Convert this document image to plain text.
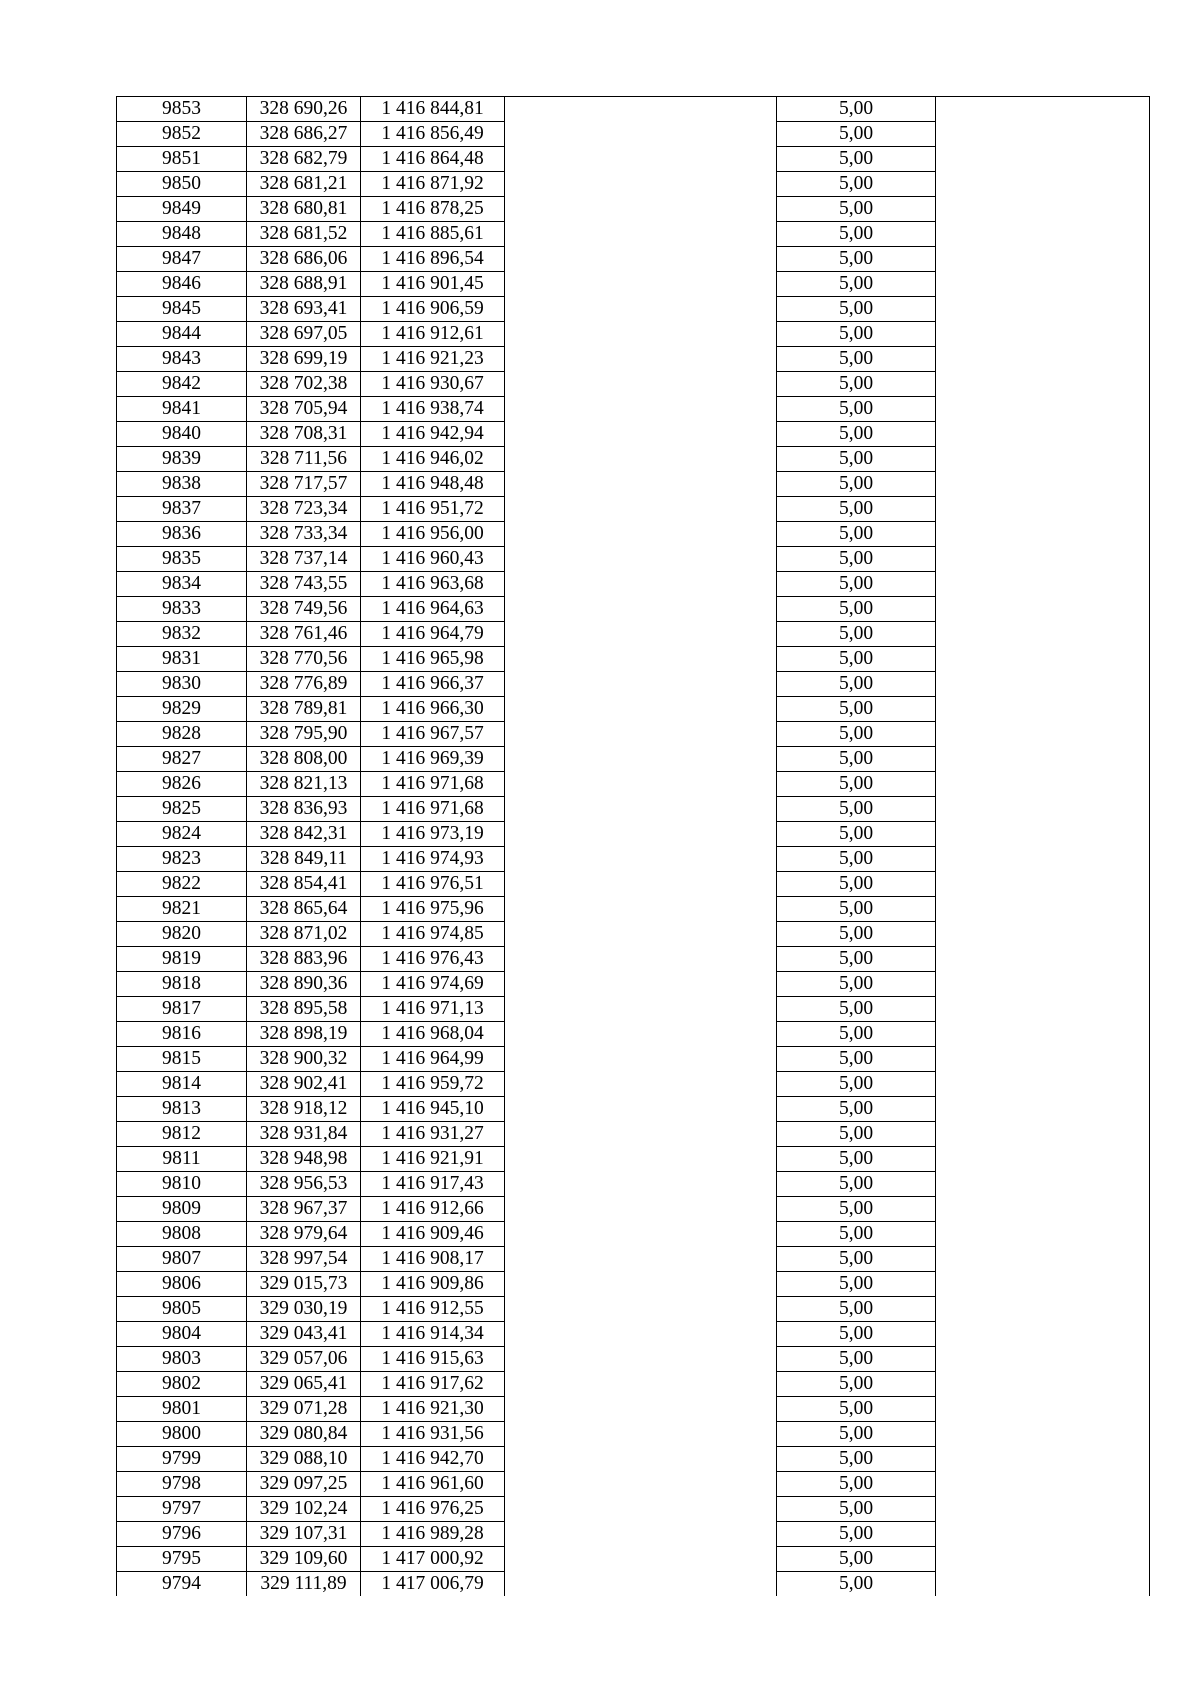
9853	328 690,26	1 416 844,81		5,00	
9852	328 686,27	1 416 856,49		5,00	
9851	328 682,79	1 416 864,48		5,00	
9850	328 681,21	1 416 871,92		5,00	
9849	328 680,81	1 416 878,25		5,00	
9848	328 681,52	1 416 885,61		5,00	
9847	328 686,06	1 416 896,54		5,00	
9846	328 688,91	1 416 901,45		5,00	
9845	328 693,41	1 416 906,59		5,00	
9844	328 697,05	1 416 912,61		5,00	
9843	328 699,19	1 416 921,23		5,00	
9842	328 702,38	1 416 930,67		5,00	
9841	328 705,94	1 416 938,74		5,00	
9840	328 708,31	1 416 942,94		5,00	
9839	328 711,56	1 416 946,02		5,00	
9838	328 717,57	1 416 948,48		5,00	
9837	328 723,34	1 416 951,72		5,00	
9836	328 733,34	1 416 956,00		5,00	
9835	328 737,14	1 416 960,43		5,00	
9834	328 743,55	1 416 963,68		5,00	
9833	328 749,56	1 416 964,63		5,00	
9832	328 761,46	1 416 964,79		5,00	
9831	328 770,56	1 416 965,98		5,00	
9830	328 776,89	1 416 966,37		5,00	
9829	328 789,81	1 416 966,30		5,00	
9828	328 795,90	1 416 967,57		5,00	
9827	328 808,00	1 416 969,39		5,00	
9826	328 821,13	1 416 971,68		5,00	
9825	328 836,93	1 416 971,68		5,00	
9824	328 842,31	1 416 973,19		5,00	
9823	328 849,11	1 416 974,93		5,00	
9822	328 854,41	1 416 976,51		5,00	
9821	328 865,64	1 416 975,96		5,00	
9820	328 871,02	1 416 974,85		5,00	
9819	328 883,96	1 416 976,43		5,00	
9818	328 890,36	1 416 974,69		5,00	
9817	328 895,58	1 416 971,13		5,00	
9816	328 898,19	1 416 968,04		5,00	
9815	328 900,32	1 416 964,99		5,00	
9814	328 902,41	1 416 959,72		5,00	
9813	328 918,12	1 416 945,10		5,00	
9812	328 931,84	1 416 931,27		5,00	
9811	328 948,98	1 416 921,91		5,00	
9810	328 956,53	1 416 917,43		5,00	
9809	328 967,37	1 416 912,66		5,00	
9808	328 979,64	1 416 909,46		5,00	
9807	328 997,54	1 416 908,17		5,00	
9806	329 015,73	1 416 909,86		5,00	
9805	329 030,19	1 416 912,55		5,00	
9804	329 043,41	1 416 914,34		5,00	
9803	329 057,06	1 416 915,63		5,00	
9802	329 065,41	1 416 917,62		5,00	
9801	329 071,28	1 416 921,30		5,00	
9800	329 080,84	1 416 931,56		5,00	
9799	329 088,10	1 416 942,70		5,00	
9798	329 097,25	1 416 961,60		5,00	
9797	329 102,24	1 416 976,25		5,00	
9796	329 107,31	1 416 989,28		5,00	
9795	329 109,60	1 417 000,92		5,00	
9794	329 111,89	1 417 006,79		5,00	
